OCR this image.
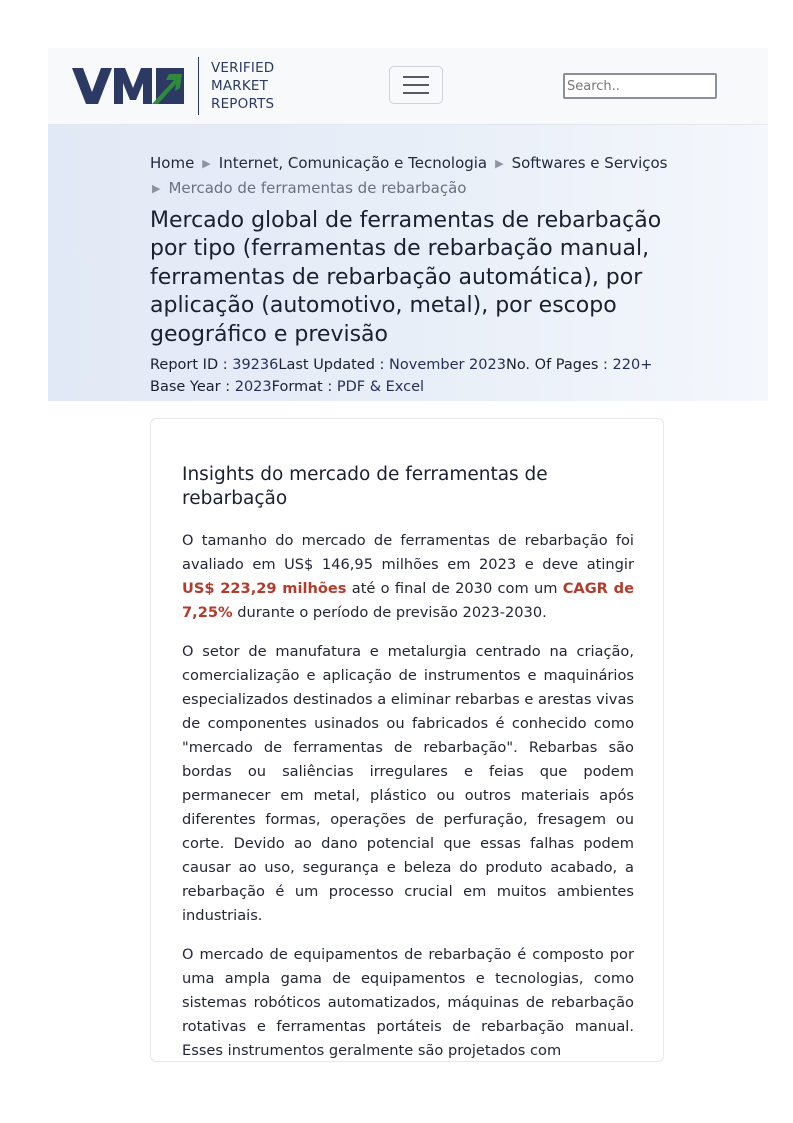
VERIFIED
MARKET
REPORTS
Search..
Home ▶ Internet, Comunicação e Tecnologia ▶ Softwares e Serviços
▶ Mercado de ferramentas de rebarbação
Mercado global de ferramentas de rebarbação por tipo (ferramentas de rebarbação manual, ferramentas de rebarbação automática), por aplicação (automotivo, metal), por escopo geográfico e previsão
Report ID : 39236Last Updated : November 2023No. Of Pages : 220+
Base Year : 2023Format : PDF & Excel
Insights do mercado de ferramentas de rebarbação

O tamanho do mercado de ferramentas de rebarbação foi avaliado em US$ 146,95 milhões em 2023 e deve atingir US$ 223,29 milhões até o final de 2030 com um CAGR de 7,25% durante o período de previsão 2023-2030.

O setor de manufatura e metalurgia centrado na criação, comercialização e aplicação de instrumentos e maquinários especializados destinados a eliminar rebarbas e arestas vivas de componentes usinados ou fabricados é conhecido como "mercado de ferramentas de rebarbação". Rebarbas são bordas ou saliências irregulares e feias que podem permanecer em metal, plástico ou outros materiais após diferentes formas, operações de perfuração, fresagem ou corte. Devido ao dano potencial que essas falhas podem causar ao uso, segurança e beleza do produto acabado, a rebarbação é um processo crucial em muitos ambientes industriais.

O mercado de equipamentos de rebarbação é composto por uma ampla gama de equipamentos e tecnologias, como sistemas robóticos automatizados, máquinas de rebarbação rotativas e ferramentas portáteis de rebarbação manual. Esses instrumentos geralmente são projetados com
